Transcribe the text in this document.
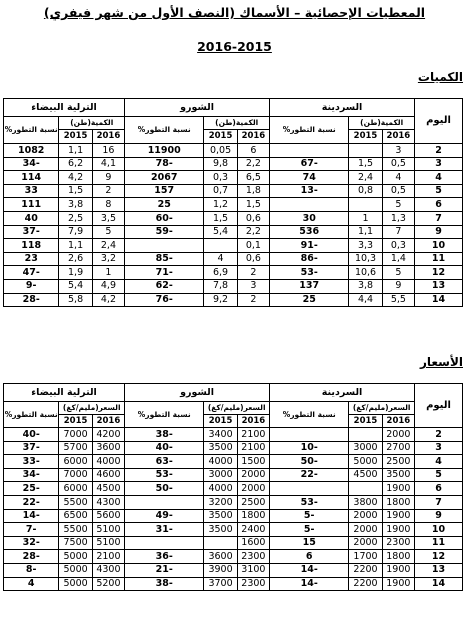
المعطيات الإحصائية – الأسماك (النصف الأول من شهر فيفري)
2016-2015
الكميات
اليوم	السردينة			الشورو			الترلية البيضاء		
	الكمية(طن)		نسبة التطور%	الكمية(طن)		نسبة التطور%	الكمية(طن)		نسبة التطور%
	2016	2015		2016	2015		2016	2015	
2	3			6	0,05	11900	16	1,1	1082
3	0,5	1,5	-67	2,2	9,8	-78	4,1	6,2	-34
4	4	2,4	74	6,5	0,3	2067	9	4,2	114
5	0,5	0,8	-13	1,8	0,7	157	2	1,5	33
6	5			1,5	1,2	25	8	3,8	111
7	1,3	1	30	0,6	1,5	-60	3,5	2,5	40
9	7	1,1	536	2,2	5,4	-59	5	7,9	-37
10	0,3	3,3	-91	0,1			2,4	1,1	118
11	1,4	10,3	-86	0,6	4	-85	3,2	2,6	23
12	5	10,6	-53	2	6,9	-71	1	1,9	-47
13	9	3,8	137	3	7,8	-62	4,9	5,4	-9
14	5,5	4,4	25	2	9,2	-76	4,2	5,8	-28
الأسعار
اليوم	السردينة			الشورو			الترلية البيضاء		
	السعر(مليم/كغ)		نسبة التطور%	السعر(مليم/كغ)		نسبة التطور%	السعر(مليم/كغ)		نسبة التطور%
	2016	2015		2016	2015		2016	2015	
2	2000			2100	3400	-38	4200	7000	-40
3	2700	3000	-10	2100	3500	-40	3600	5700	-37
4	2500	5000	-50	1500	4000	-63	4000	6000	-33
5	3500	4500	-22	2000	3000	-53	4600	7000	-34
6	1900			2000	4000	-50	4500	6000	-25
7	1800	3800	-53	2500	3200		4300	5500	-22
9	1900	2000	-5	1800	3500	-49	5600	6500	-14
10	1900	2000	-5	2400	3500	-31	5100	5500	-7
11	2300	2000	15	1600			5100	7500	-32
12	1800	1700	6	2300	3600	-36	2100	5000	-28
13	1900	2200	-14	3100	3900	-21	4300	5000	-8
14	1900	2200	-14	2300	3700	-38	5200	5000	4
